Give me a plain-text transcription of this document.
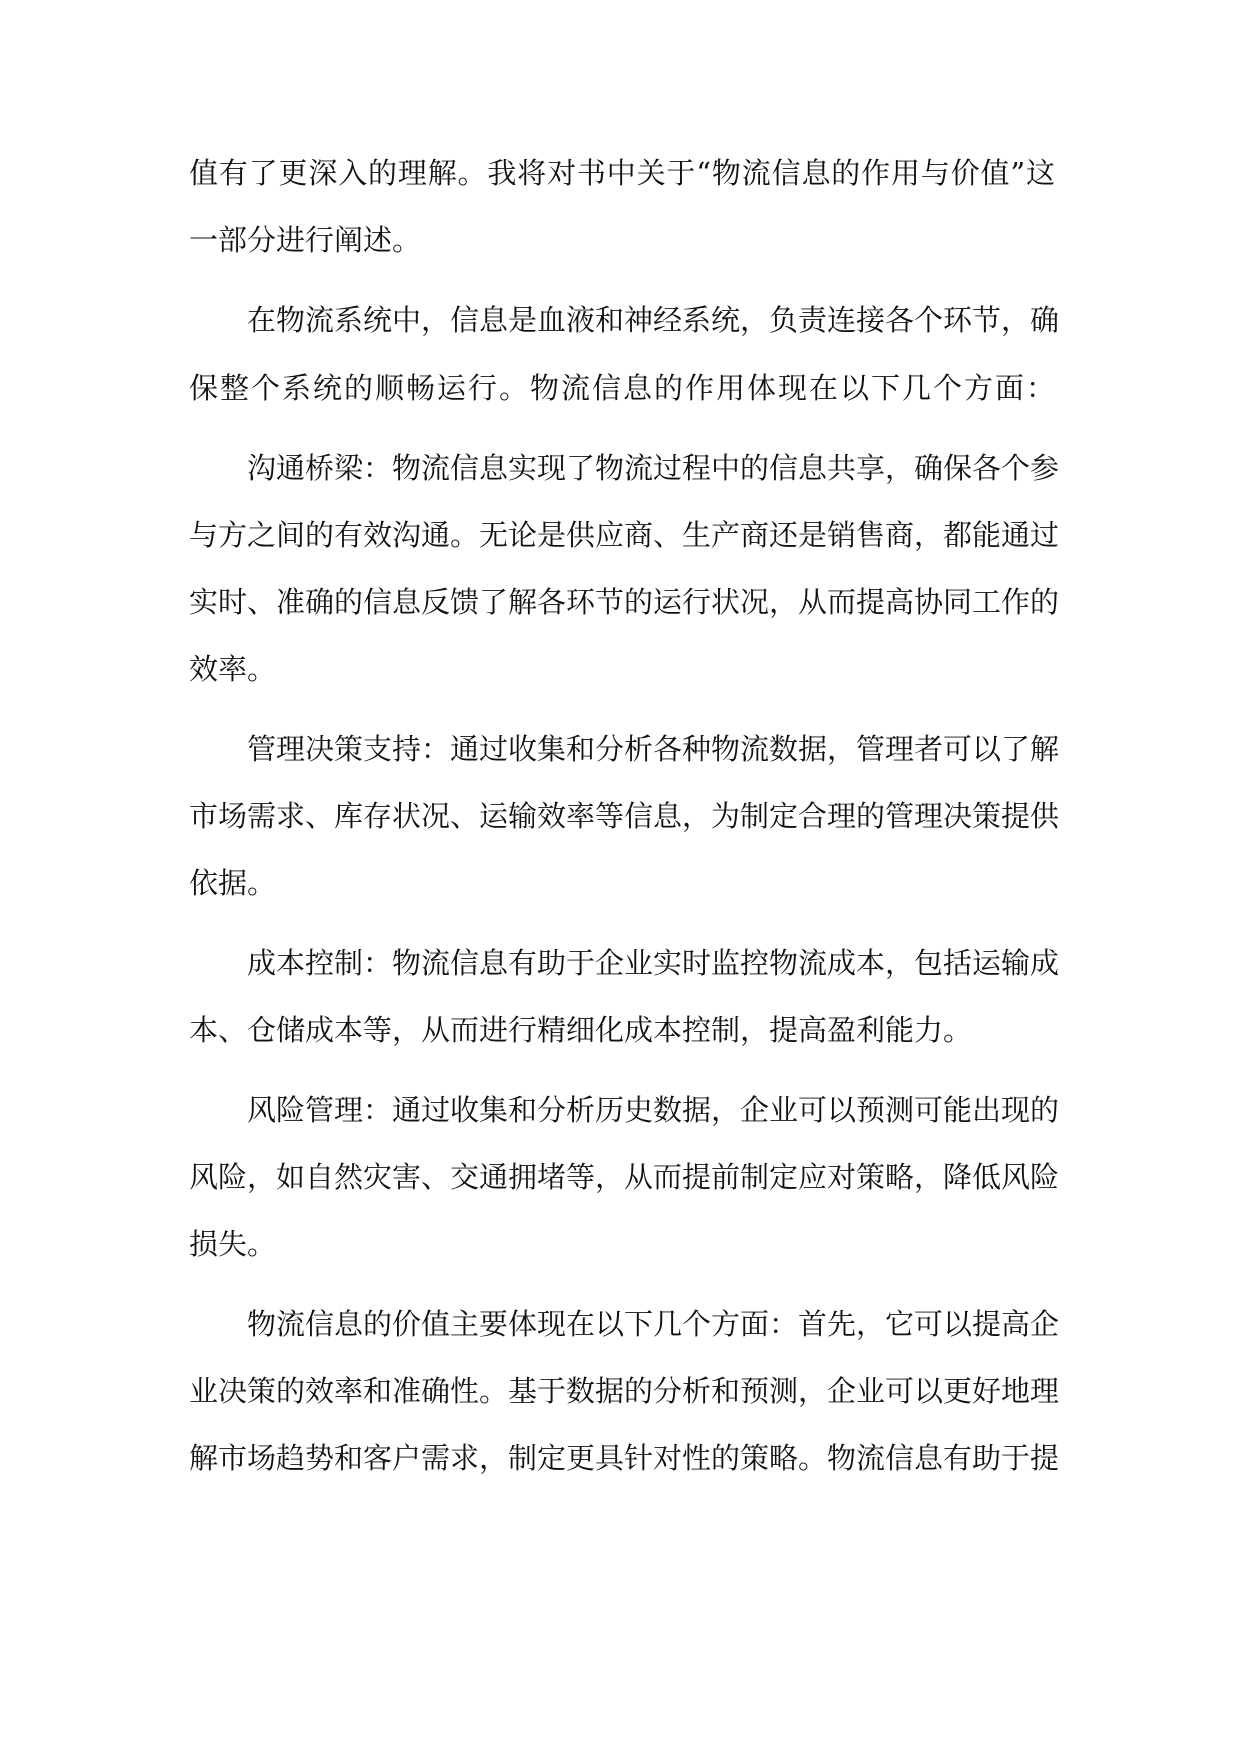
值有了更深入的理解。我将对书中关于“物流信息的作用与价值”这
一部分进行阐述。
在物流系统中，信息是血液和神经系统，负责连接各个环节，确
保整个系统的顺畅运行。物流信息的作用体现在以下几个方面：
沟通桥梁：物流信息实现了物流过程中的信息共享，确保各个参
与方之间的有效沟通。无论是供应商、生产商还是销售商，都能通过
实时、准确的信息反馈了解各环节的运行状况，从而提高协同工作的
效率。
管理决策支持：通过收集和分析各种物流数据，管理者可以了解
市场需求、库存状况、运输效率等信息，为制定合理的管理决策提供
依据。
成本控制：物流信息有助于企业实时监控物流成本，包括运输成
本、仓储成本等，从而进行精细化成本控制，提高盈利能力。
风险管理：通过收集和分析历史数据，企业可以预测可能出现的
风险，如自然灾害、交通拥堵等，从而提前制定应对策略，降低风险
损失。
物流信息的价值主要体现在以下几个方面：首先，它可以提高企
业决策的效率和准确性。基于数据的分析和预测，企业可以更好地理
解市场趋势和客户需求，制定更具针对性的策略。物流信息有助于提
